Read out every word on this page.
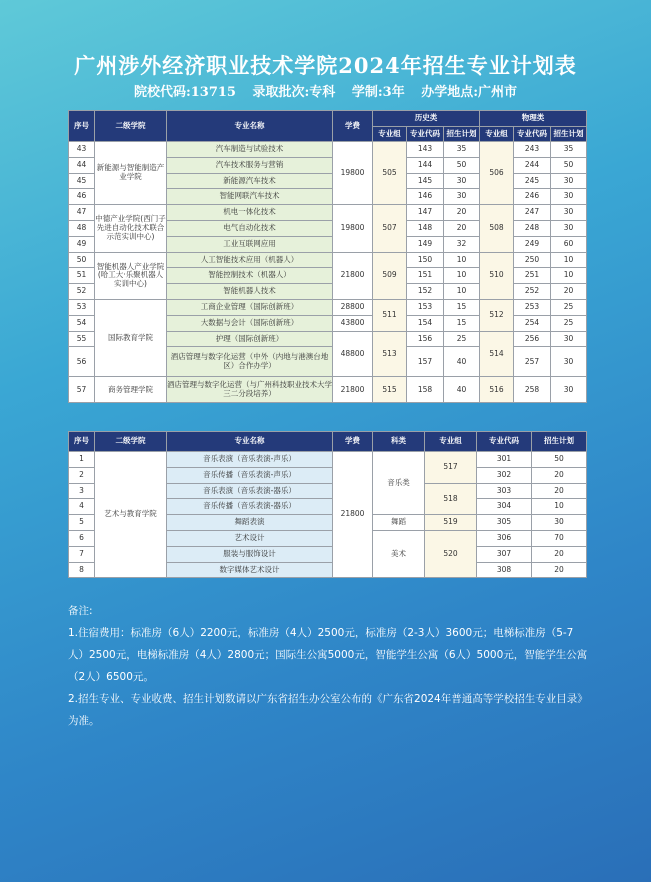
广州涉外经济职业技术学院2024年招生专业计划表
院校代码:13715 录取批次:专科 学制:3年 办学地点:广州市
序号	二级学院	专业名称	学费	历史类			物理类		
				专业组	专业代码	招生计划	专业组	专业代码	招生计划
43	新能源与智能制造产业学院	汽车制造与试验技术	19800	505	143	35	506	243	35
44		汽车技术服务与营销			144	50		244	50
45		新能源汽车技术			145	30		245	30
46		智能网联汽车技术			146	30		246	30
47	中德产业学院(西门子先进自动化技术联合示范实训中心)	机电一体化技术	19800	507	147	20	508	247	30
48		电气自动化技术			148	20		248	30
49		工业互联网应用			149	32		249	60
50	智能机器人产业学院(哈工大·乐聚机器人实训中心)	人工智能技术应用（机器人）	21800	509	150	10	510	250	10
51		智能控制技术（机器人）			151	10		251	10
52		智能机器人技术			152	10		252	20
53	国际教育学院	工商企业管理（国际创新班）	28800	511	153	15	512	253	25
54		大数据与会计（国际创新班）	43800		154	15		254	25
55		护理（国际创新班）	48800	513	156	25	514	256	30
56		酒店管理与数字化运营（中外（内地与港澳台地区）合作办学）			157	40		257	30
57	商务管理学院	酒店管理与数字化运营（与广州科技职业技术大学三二分段培养）	21800	515	158	40	516	258	30
序号	二级学院	专业名称	学费	科类	专业组	专业代码	招生计划
1	艺术与教育学院	音乐表演（音乐表演-声乐）	21800	音乐类	517	301	50
2		音乐传播（音乐表演-声乐）				302	20
3		音乐表演（音乐表演-器乐）			518	303	20
4		音乐传播（音乐表演-器乐）				304	10
5		舞蹈表演		舞蹈	519	305	30
6		艺术设计		美术	520	306	70
7		服装与服饰设计				307	20
8		数字媒体艺术设计				308	20

备注:

1.住宿费用：标准房（6人）2200元，标准房（4人）2500元，标准房（2-3人）3600元；电梯标准房（5-7人）2500元，电梯标准房（4人）2800元；国际生公寓5000元，智能学生公寓（6人）5000元，智能学生公寓（2人）6500元。

2.招生专业、专业收费、招生计划数请以广东省招生办公室公布的《广东省2024年普通高等学校招生专业目录》为准。
